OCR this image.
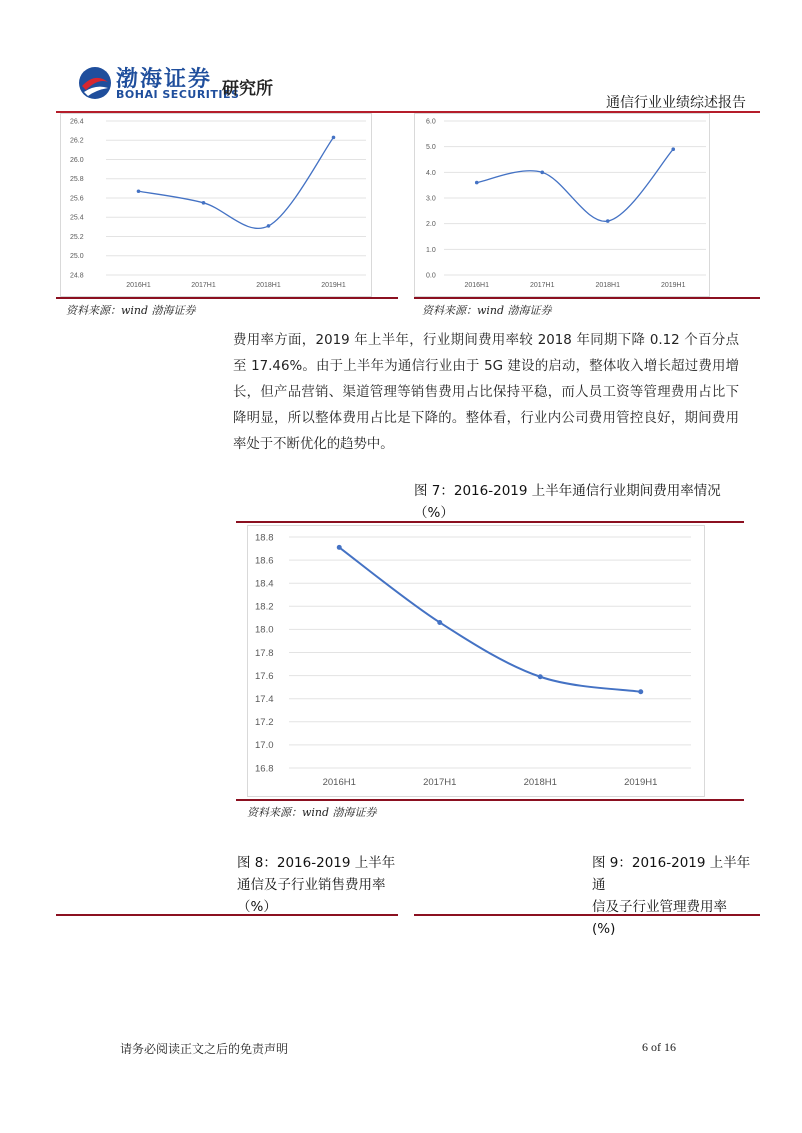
渤海证券
BOHAI SECURITIES
研究所
通信行业业绩综述报告
26.4
26.2
26.0
25.8
25.6
25.4
25.2
25.0
24.8
2016H1	2017H1	2018H1	2019H1
资料来源：wind 渤海证券
6.0
5.0
4.0
3.0
2.0
1.0
0.0
2016H1	2017H1	2018H1	2019H1
资料来源：wind 渤海证券

费用率方面，2019 年上半年，行业期间费用率较 2018 年同期下降 0.12 个百分点至 17.46%。由于上半年为通信行业由于 5G 建设的启动，整体收入增长超过费用增长，但产品营销、渠道管理等销售费用占比保持平稳，而人员工资等管理费用占比下降明显，所以整体费用占比是下降的。整体看，行业内公司费用管控良好，期间费用率处于不断优化的趋势中。

图 7：2016-2019 上半年通信行业期间费用率情况
（%）
18.8
18.6
18.4
18.2
18.0
17.8
17.6
17.4
17.2
17.0
16.8
2016H1	2017H1	2018H1	2019H1
资料来源：wind 渤海证券
图 8：2016-2019 上半年
通信及子行业销售费用率
（%）
图 9：2016-2019 上半年通
信及子行业管理费用率
(%)
请务必阅读正文之后的免责声明	6 of 16
